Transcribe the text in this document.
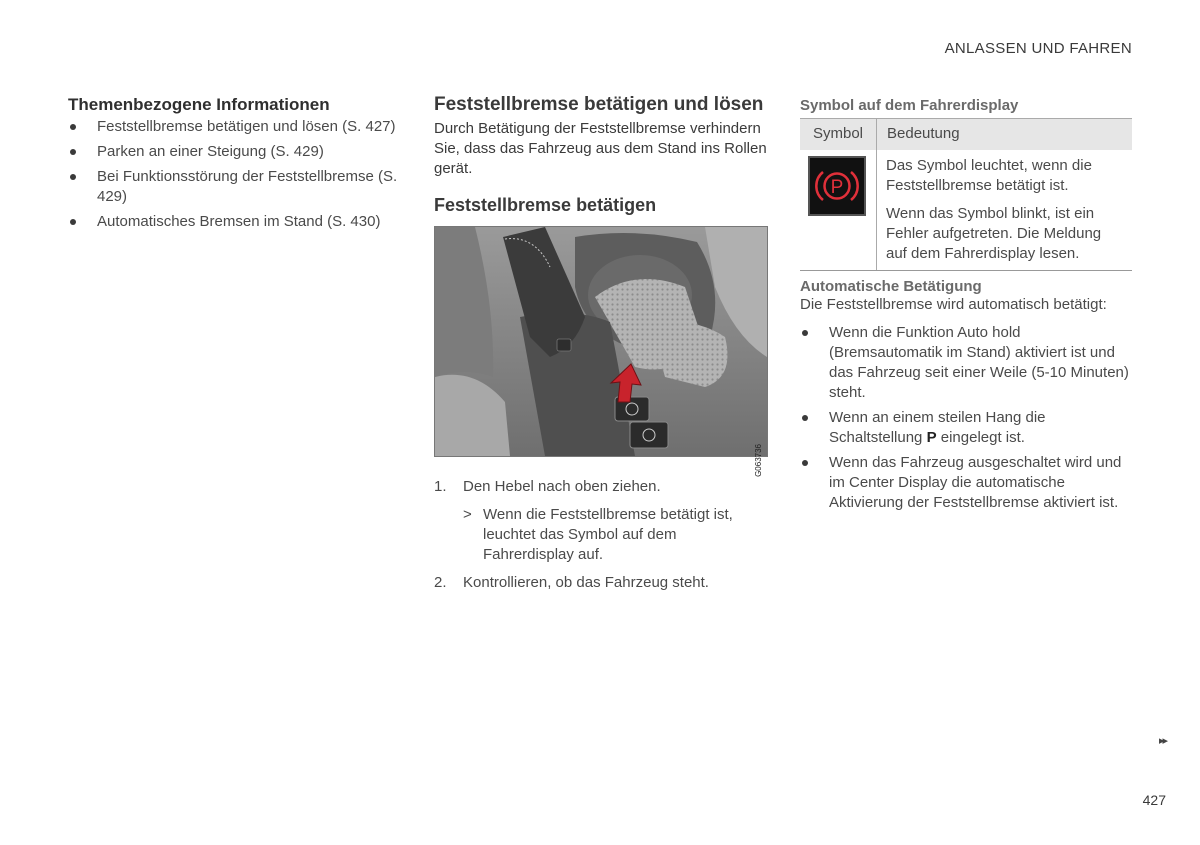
ANLASSEN UND FAHREN
Themenbezogene Informationen
Feststellbremse betätigen und lösen (S. 427)
Parken an einer Steigung (S. 429)
Bei Funktionsstörung der Feststellbremse (S. 429)
Automatisches Bremsen im Stand (S. 430)
Feststellbremse betätigen und lösen

Durch Betätigung der Feststellbremse verhindern Sie, dass das Fahrzeug aus dem Stand ins Rollen gerät.

Feststellbremse betätigen
G063736
1. Den Hebel nach oben ziehen.
> Wenn die Feststellbremse betätigt ist, leuchtet das Symbol auf dem Fahrerdisplay auf.
2. Kontrollieren, ob das Fahrzeug steht.
Symbol auf dem Fahrerdisplay
Symbol	Bedeutung

P	Das Symbol leuchtet, wenn die Feststellbremse betätigt ist.

Wenn das Symbol blinkt, ist ein Fehler aufgetreten. Die Meldung auf dem Fahrerdisplay lesen.

Automatische Betätigung

Die Feststellbremse wird automatisch betätigt:

Wenn die Funktion Auto hold (Bremsautomatik im Stand) aktiviert ist und das Fahrzeug seit einer Weile (5-10 Minuten) steht.
Wenn an einem steilen Hang die Schaltstellung P eingelegt ist.
Wenn das Fahrzeug ausgeschaltet wird und im Center Display die automatische Aktivierung der Feststellbremse aktiviert ist.
▸▸
427
